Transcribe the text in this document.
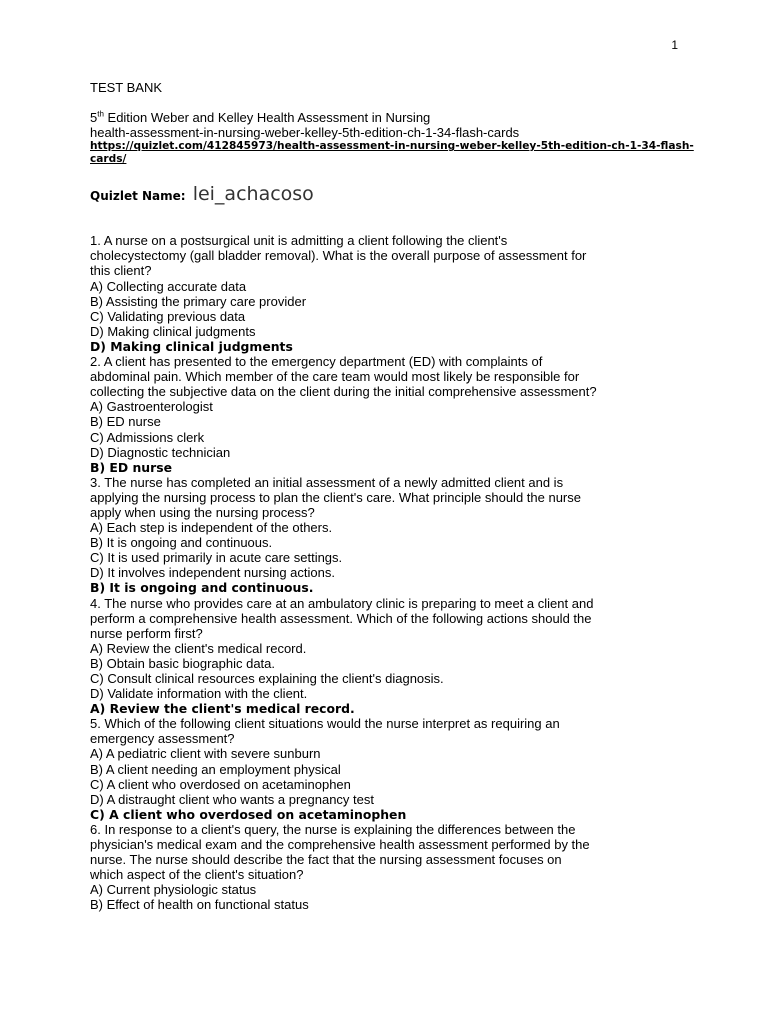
1
TEST BANK
5th Edition Weber and Kelley Health Assessment in Nursing
health-assessment-in-nursing-weber-kelley-5th-edition-ch-1-34-flash-cards
https://quizlet.com/412845973/health-assessment-in-nursing-weber-kelley-5th-edition-ch-1-34-flash-
cards/
Quizlet Name: lei_achacoso
1. A nurse on a postsurgical unit is admitting a client following the client's
cholecystectomy (gall bladder removal). What is the overall purpose of assessment for
this client?
A) Collecting accurate data
B) Assisting the primary care provider
C) Validating previous data
D) Making clinical judgments
D) Making clinical judgments
2. A client has presented to the emergency department (ED) with complaints of
abdominal pain. Which member of the care team would most likely be responsible for
collecting the subjective data on the client during the initial comprehensive assessment?
A) Gastroenterologist
B) ED nurse
C) Admissions clerk
D) Diagnostic technician
B) ED nurse
3. The nurse has completed an initial assessment of a newly admitted client and is
applying the nursing process to plan the client's care. What principle should the nurse
apply when using the nursing process?
A) Each step is independent of the others.
B) It is ongoing and continuous.
C) It is used primarily in acute care settings.
D) It involves independent nursing actions.
B) It is ongoing and continuous.
4. The nurse who provides care at an ambulatory clinic is preparing to meet a client and
perform a comprehensive health assessment. Which of the following actions should the
nurse perform first?
A) Review the client's medical record.
B) Obtain basic biographic data.
C) Consult clinical resources explaining the client's diagnosis.
D) Validate information with the client.
A) Review the client's medical record.
5. Which of the following client situations would the nurse interpret as requiring an
emergency assessment?
A) A pediatric client with severe sunburn
B) A client needing an employment physical
C) A client who overdosed on acetaminophen
D) A distraught client who wants a pregnancy test
C) A client who overdosed on acetaminophen
6. In response to a client's query, the nurse is explaining the differences between the
physician's medical exam and the comprehensive health assessment performed by the
nurse. The nurse should describe the fact that the nursing assessment focuses on
which aspect of the client's situation?
A) Current physiologic status
B) Effect of health on functional status
